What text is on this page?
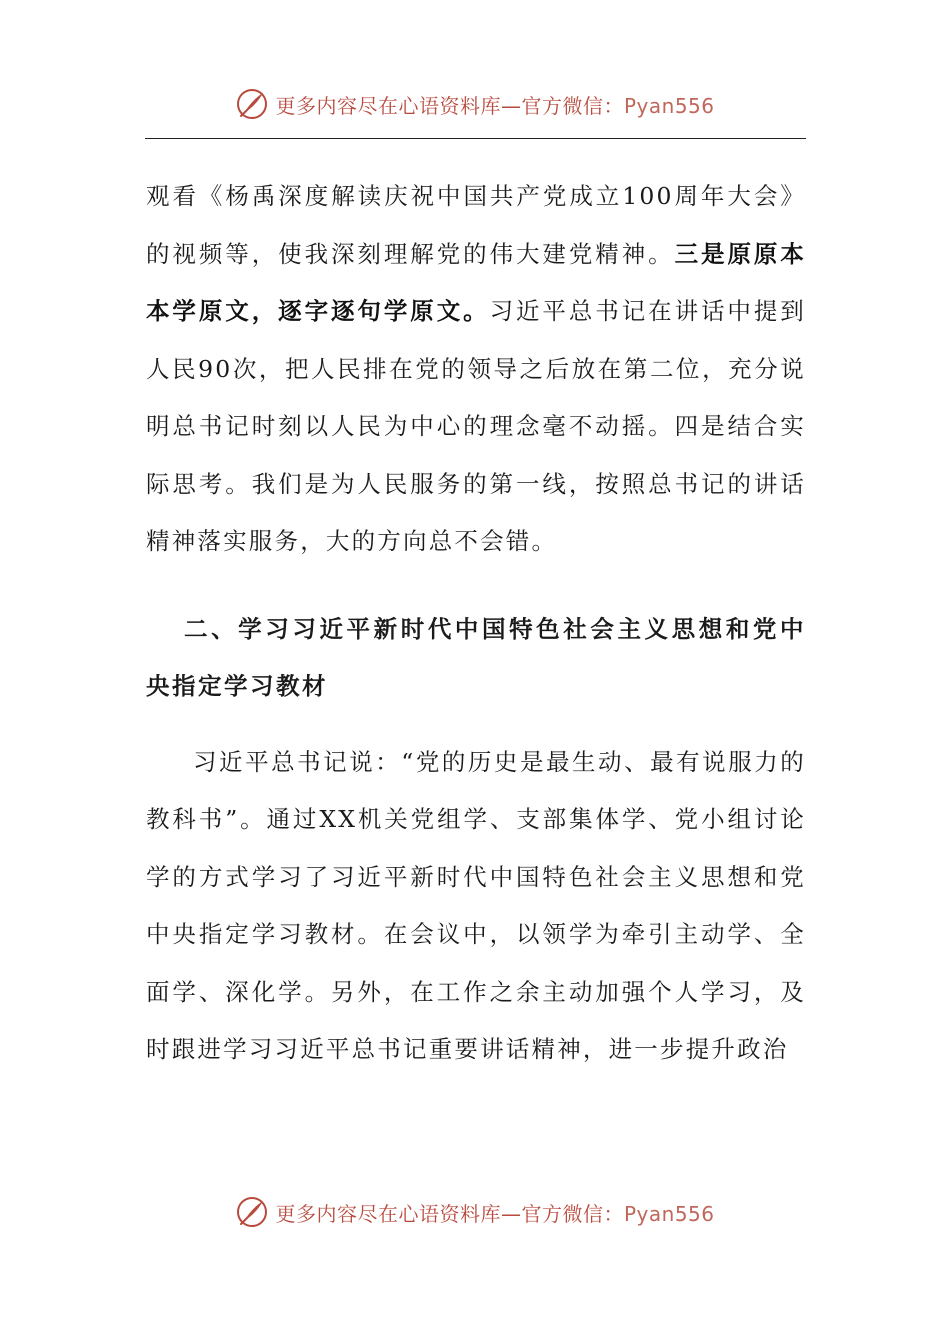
更多内容尽在心语资料库—官方微信：Pyan556

观看《杨禹深度解读庆祝中国共产党成立100周年大会》的视频等，使我深刻理解党的伟大建党精神。三是原原本本学原文，逐字逐句学原文。习近平总书记在讲话中提到人民90次，把人民排在党的领导之后放在第二位，充分说明总书记时刻以人民为中心的理念毫不动摇。四是结合实际思考。我们是为人民服务的第一线，按照总书记的讲话精神落实服务，大的方向总不会错。

二、学习习近平新时代中国特色社会主义思想和党中央指定学习教材

习近平总书记说：“党的历史是最生动、最有说服力的教科书”。通过XX机关党组学、支部集体学、党小组讨论学的方式学习了习近平新时代中国特色社会主义思想和党中央指定学习教材。在会议中，以领学为牵引主动学、全面学、深化学。另外，在工作之余主动加强个人学习，及时跟进学习习近平总书记重要讲话精神，进一步提升政治

更多内容尽在心语资料库—官方微信：Pyan556
